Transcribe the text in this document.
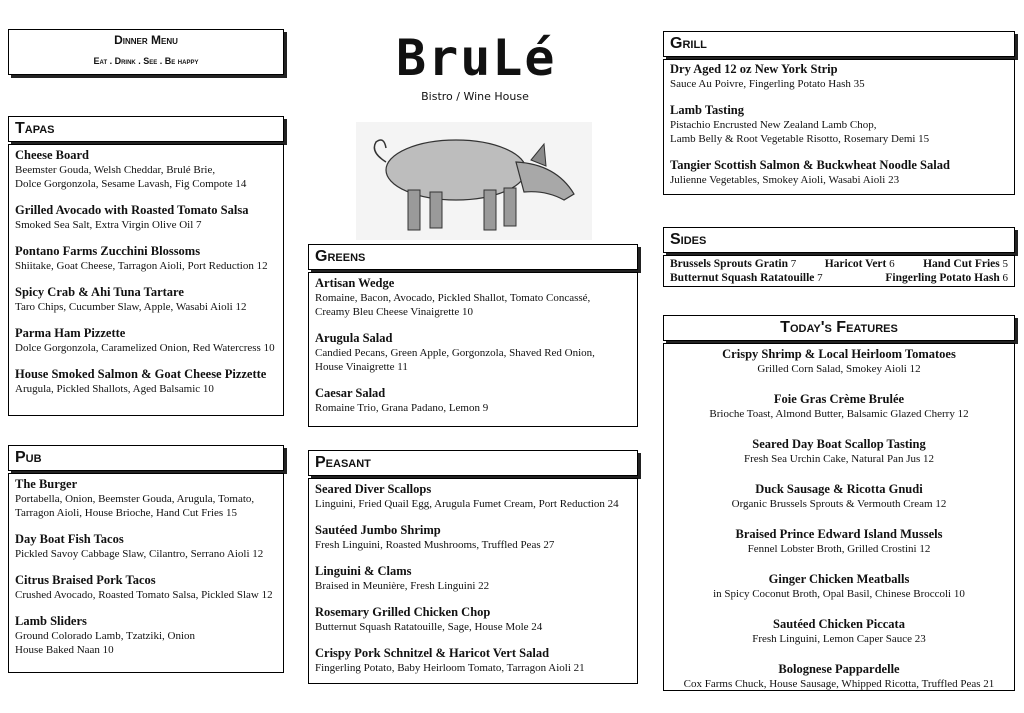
Dinner Menu
Eat . Drink . See . Be happy	BruLé
Bistro / Wine House
Tapas
Cheese Board
Beemster Gouda, Welsh Cheddar, Brulé Brie,
Dolce Gorgonzola, Sesame Lavash, Fig Compote 14
Grilled Avocado with Roasted Tomato Salsa
Smoked Sea Salt, Extra Virgin Olive Oil 7
Pontano Farms Zucchini Blossoms
Shiitake, Goat Cheese, Tarragon Aioli, Port Reduction 12
Spicy Crab & Ahi Tuna Tartare
Taro Chips, Cucumber Slaw, Apple, Wasabi Aioli 12
Parma Ham Pizzette
Dolce Gorgonzola, Caramelized Onion, Red Watercress 10
House Smoked Salmon & Goat Cheese Pizzette
Arugula, Pickled Shallots, Aged Balsamic 10
Pub
The Burger
Portabella, Onion, Beemster Gouda, Arugula, Tomato,
Tarragon Aioli, House Brioche, Hand Cut Fries 15
Day Boat Fish Tacos
Pickled Savoy Cabbage Slaw, Cilantro, Serrano Aioli 12
Citrus Braised Pork Tacos
Crushed Avocado, Roasted Tomato Salsa, Pickled Slaw 12
Lamb Sliders
Ground Colorado Lamb, Tzatziki, Onion
House Baked Naan 10
Greens
Artisan Wedge
Romaine, Bacon, Avocado, Pickled Shallot, Tomato Concassé,
Creamy Bleu Cheese Vinaigrette 10
Arugula Salad
Candied Pecans, Green Apple, Gorgonzola, Shaved Red Onion,
House Vinaigrette 11
Caesar Salad
Romaine Trio, Grana Padano, Lemon 9
Peasant
Seared Diver Scallops
Linguini, Fried Quail Egg, Arugula Fumet Cream, Port Reduction 24
Sautéed Jumbo Shrimp
Fresh Linguini, Roasted Mushrooms, Truffled Peas 27
Linguini & Clams
Braised in Meunière, Fresh Linguini 22
Rosemary Grilled Chicken Chop
Butternut Squash Ratatouille, Sage, House Mole 24
Crispy Pork Schnitzel & Haricot Vert Salad
Fingerling Potato, Baby Heirloom Tomato, Tarragon Aioli 21
Grill
Dry Aged 12 oz New York Strip
Sauce Au Poivre, Fingerling Potato Hash 35
Lamb Tasting
Pistachio Encrusted New Zealand Lamb Chop,
Lamb Belly & Root Vegetable Risotto, Rosemary Demi 15
Tangier Scottish Salmon & Buckwheat Noodle Salad
Julienne Vegetables, Smokey Aioli, Wasabi Aioli 23
Sides
Brussels Sprouts Gratin 7 Haricot Vert 6 Hand Cut Fries 5
Butternut Squash Ratatouille 7	Fingerling Potato Hash 6
Today's Features
Crispy Shrimp & Local Heirloom Tomatoes
Grilled Corn Salad, Smokey Aioli 12
Foie Gras Crème Brulée
Brioche Toast, Almond Butter, Balsamic Glazed Cherry 12
Seared Day Boat Scallop Tasting
Fresh Sea Urchin Cake, Natural Pan Jus 12
Duck Sausage & Ricotta Gnudi
Organic Brussels Sprouts & Vermouth Cream 12
Braised Prince Edward Island Mussels
Fennel Lobster Broth, Grilled Crostini 12
Ginger Chicken Meatballs
in Spicy Coconut Broth, Opal Basil, Chinese Broccoli 10
Sautéed Chicken Piccata
Fresh Linguini, Lemon Caper Sauce 23
Bolognese Pappardelle
Cox Farms Chuck, House Sausage, Whipped Ricotta, Truffled Peas 21
